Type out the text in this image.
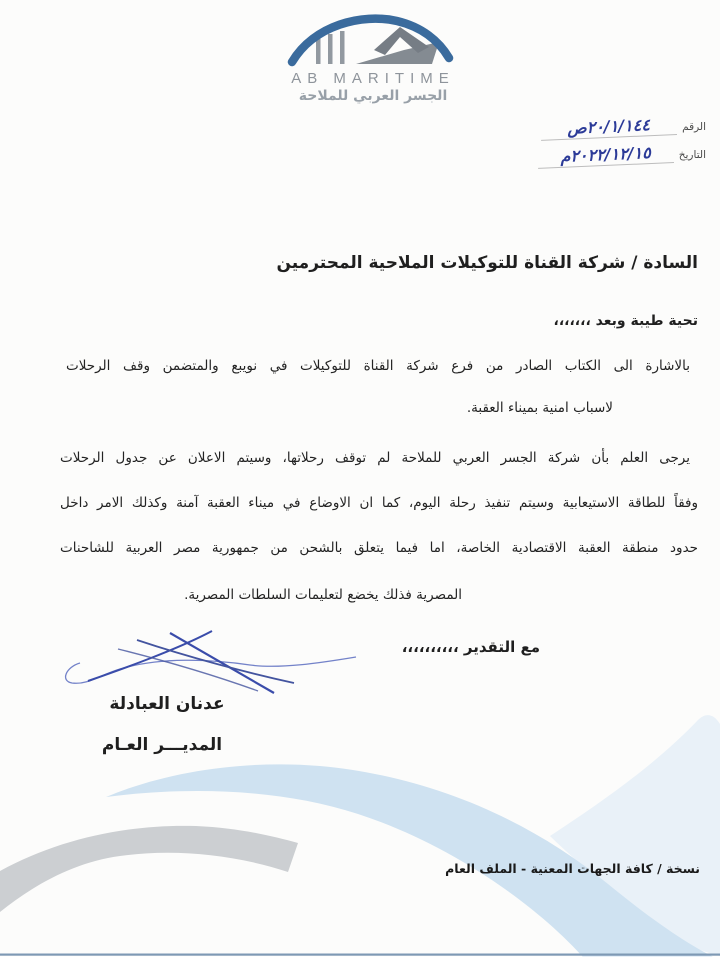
AB MARITIME
الجسر العربي للملاحة
الرقم
٢٠/١/١٤٤ص
التاريخ
٢٠٢٢/١٢/١٥م
السادة / شركة القناة للتوكيلات الملاحية المحترمين
تحية طيبة وبعد ،،،،،،،
بالاشارة الى الكتاب الصادر من فرع شركة القناة للتوكيلات في نويبع والمتضمن وقف الرحلات
لاسباب امنية بميناء العقبة.
يرجى العلم بأن شركة الجسر العربي للملاحة لم توقف رحلاتها، وسيتم الاعلان عن جدول الرحلات
وفقاً للطاقة الاستيعابية وسيتم تنفيذ رحلة اليوم، كما ان الاوضاع في ميناء العقبة آمنة وكذلك الامر داخل
حدود منطقة العقبة الاقتصادية الخاصة، اما فيما يتعلق بالشحن من جمهورية مصر العربية للشاحنات
المصرية فذلك يخضع لتعليمات السلطات المصرية.
مع التقدير ،،،،،،،،،،
عدنان العبادلة
المديـــر العـام
نسخة / كافة الجهات المعنية - الملف العام
